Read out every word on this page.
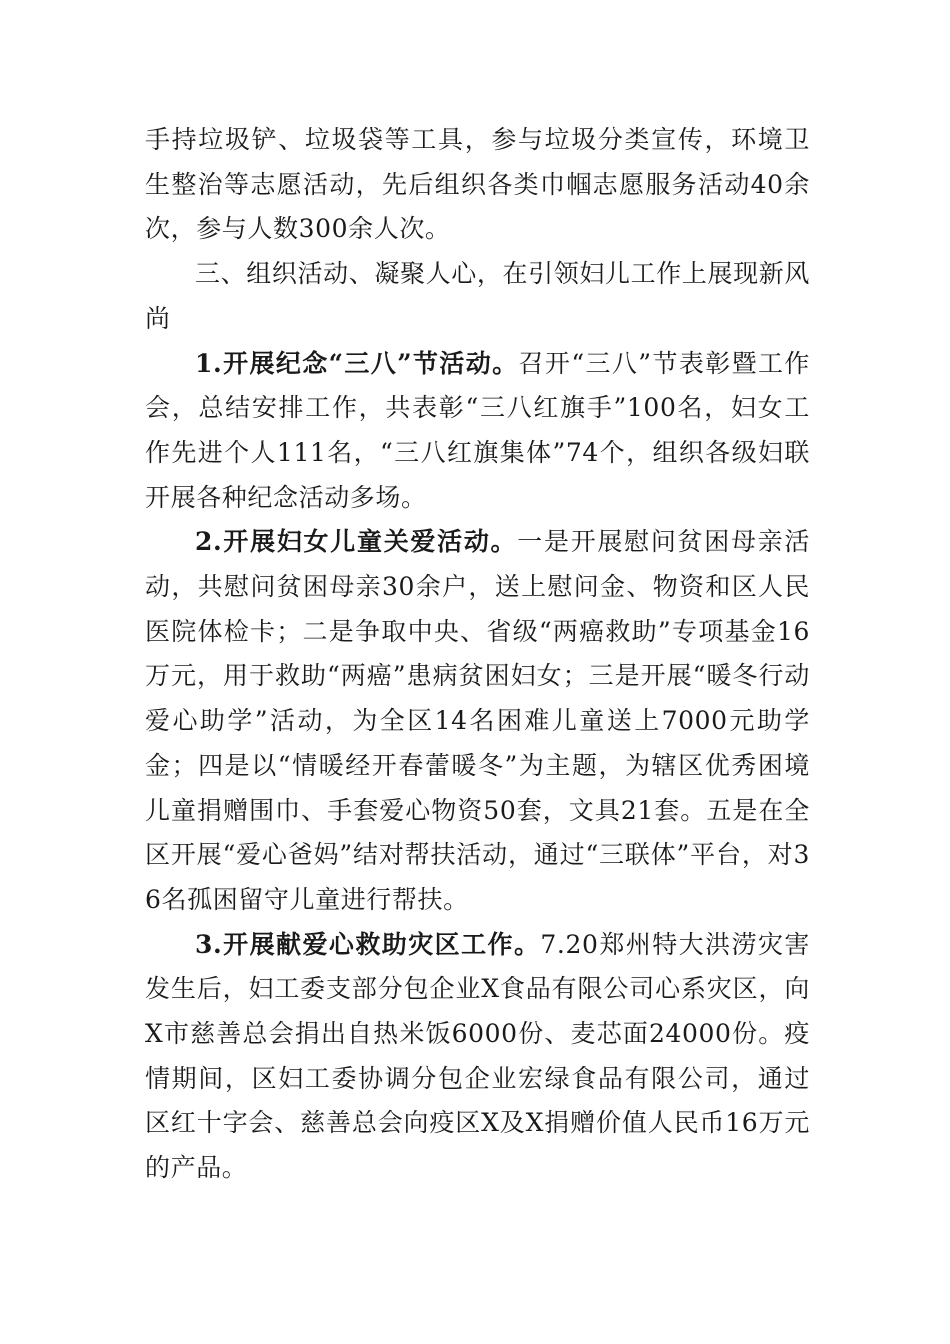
手持垃圾铲、垃圾袋等工具，参与垃圾分类宣传，环境卫生整治等志愿活动，先后组织各类巾帼志愿服务活动40余次，参与人数300余人次。

三、组织活动、凝聚人心，在引领妇儿工作上展现新风尚

1.开展纪念“三八”节活动。召开“三八”节表彰暨工作会，总结安排工作，共表彰“三八红旗手”100名，妇女工作先进个人111名，“三八红旗集体”74个，组织各级妇联开展各种纪念活动多场。

2.开展妇女儿童关爱活动。一是开展慰问贫困母亲活动，共慰问贫困母亲30余户，送上慰问金、物资和区人民医院体检卡；二是争取中央、省级“两癌救助”专项基金16万元，用于救助“两癌”患病贫困妇女；三是开展“暖冬行动爱心助学”活动，为全区14名困难儿童送上7000元助学金；四是以“情暖经开春蕾暖冬”为主题，为辖区优秀困境儿童捐赠围巾、手套爱心物资50套，文具21套。五是在全区开展“爱心爸妈”结对帮扶活动，通过“三联体”平台，对36名孤困留守儿童进行帮扶。

3.开展献爱心救助灾区工作。7.20郑州特大洪涝灾害发生后，妇工委支部分包企业X食品有限公司心系灾区，向X市慈善总会捐出自热米饭6000份、麦芯面24000份。疫情期间，区妇工委协调分包企业宏绿食品有限公司，通过区红十字会、慈善总会向疫区X及X捐赠价值人民币16万元的产品。
